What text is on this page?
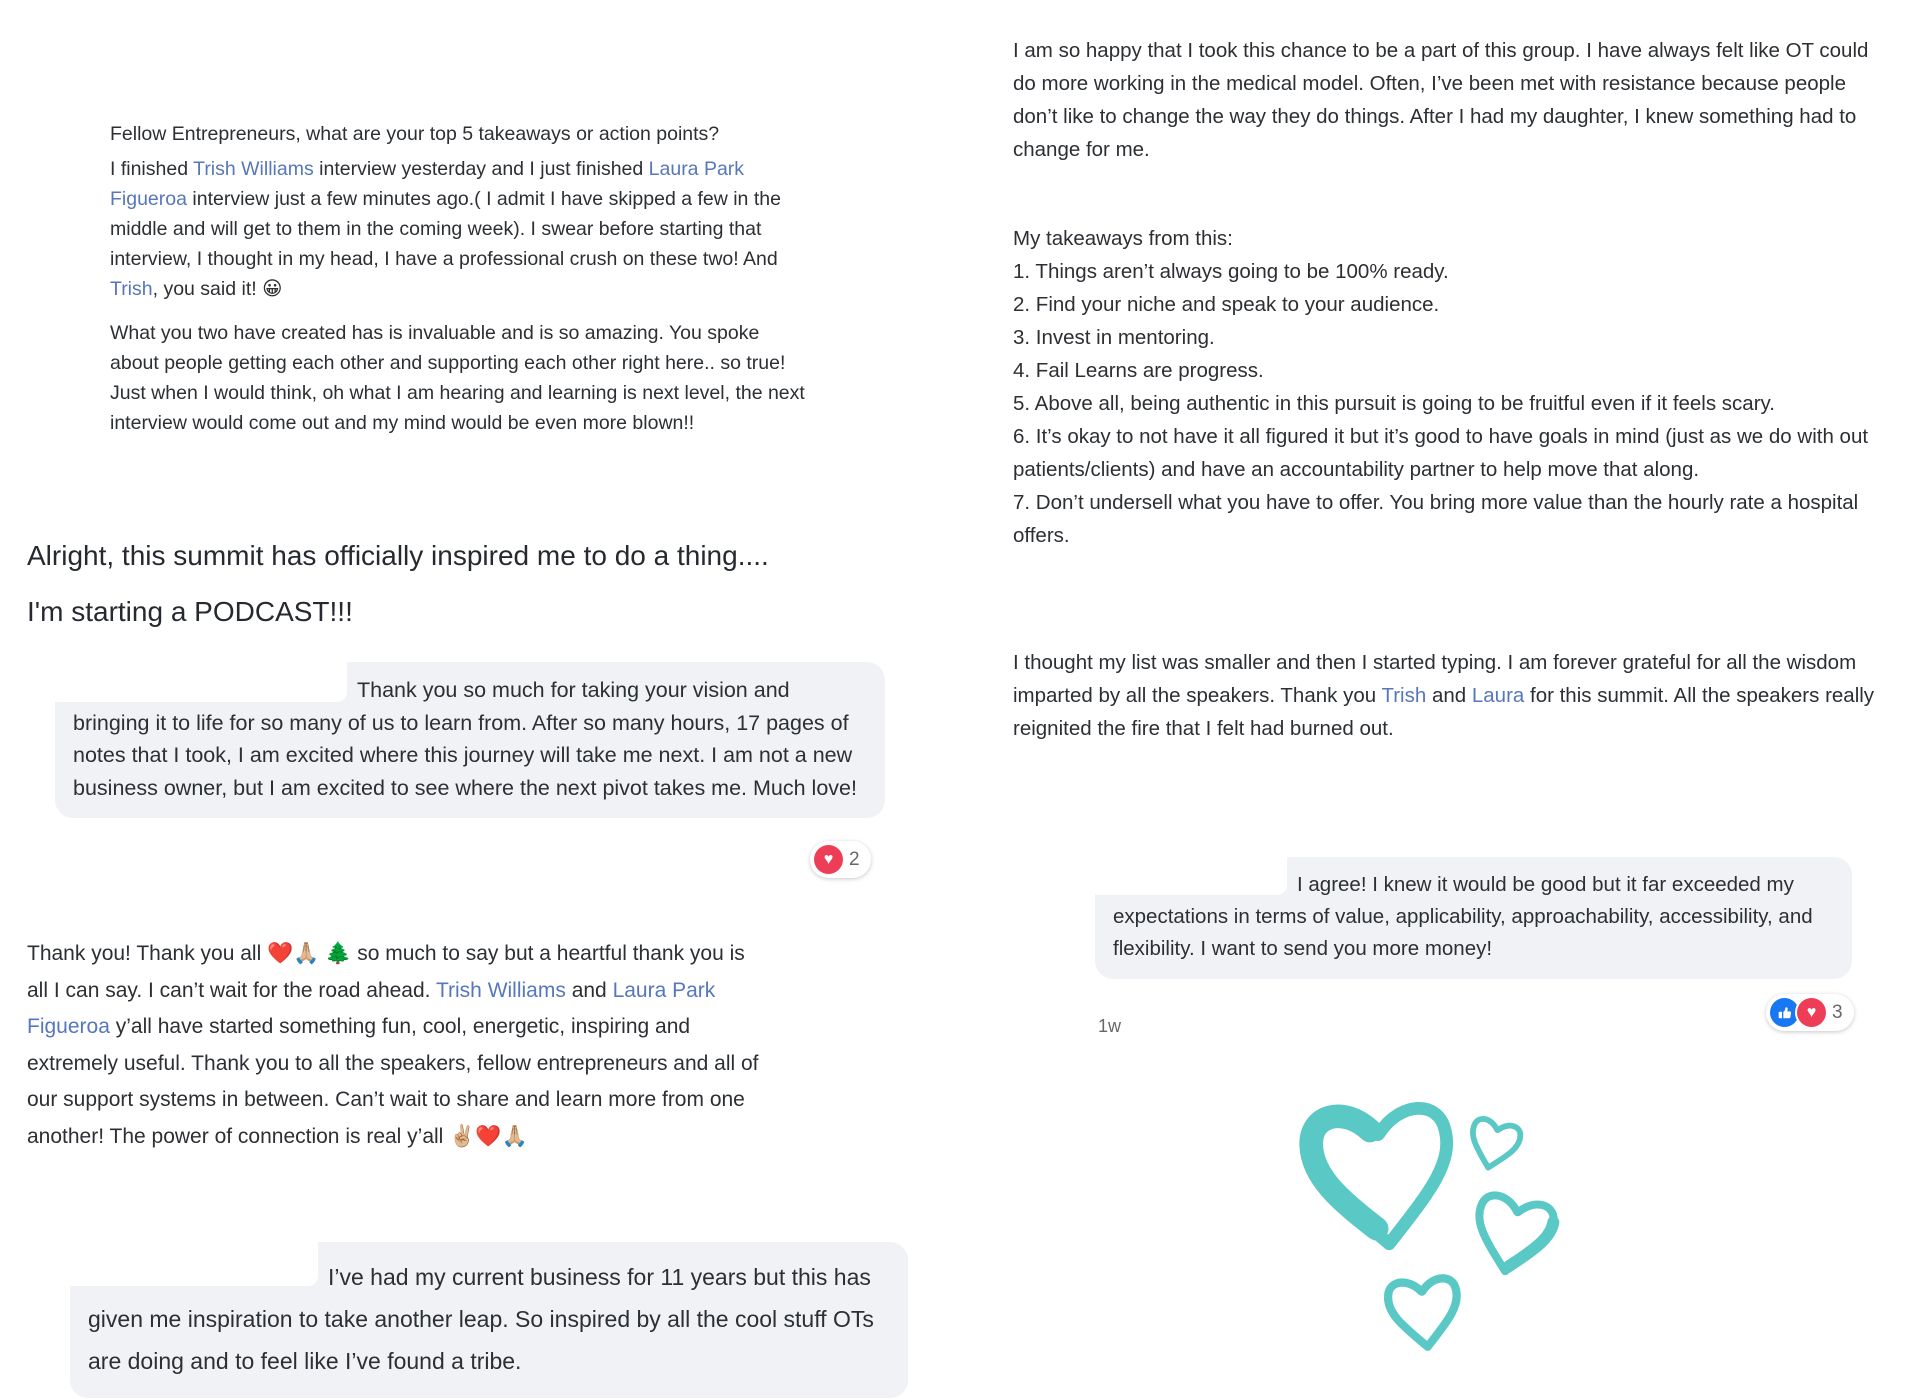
Fellow Entrepreneurs, what are your top 5 takeaways or action points?
I finished Trish Williams interview yesterday and I just finished Laura Park Figueroa interview just a few minutes ago.( I admit I have skipped a few in the middle and will get to them in the coming week). I swear before starting that interview, I thought in my head, I have a professional crush on these two! And Trish, you said it! 😀
What you two have created has is invaluable and is so amazing. You spoke about people getting each other and supporting each other right here.. so true! Just when I would think, oh what I am hearing and learning is next level, the next interview would come out and my mind would be even more blown!!
Alright, this summit has officially inspired me to do a thing....
I'm starting a PODCAST!!!
Thank you so much for taking your vision and bringing it to life for so many of us to learn from. After so many hours, 17 pages of notes that I took, I am excited where this journey will take me next. I am not a new business owner, but I am excited to see where the next pivot takes me. Much love!
♥ 2
Thank you! Thank you all ❤️🙏🏼 🌲 so much to say but a heartful thank you is all I can say. I can’t wait for the road ahead. Trish Williams and Laura Park Figueroa y’all have started something fun, cool, energetic, inspiring and extremely useful. Thank you to all the speakers, fellow entrepreneurs and all of our support systems in between. Can’t wait to share and learn more from one another! The power of connection is real y’all ✌🏼❤️🙏🏼
I’ve had my current business for 11 years but this has given me inspiration to take another leap. So inspired by all the cool stuff OTs are doing and to feel like I’ve found a tribe.
I am so happy that I took this chance to be a part of this group. I have always felt like OT could do more working in the medical model. Often, I’ve been met with resistance because people don’t like to change the way they do things. After I had my daughter, I knew something had to change for me.

My takeaways from this:

1. Things aren’t always going to be 100% ready.

2. Find your niche and speak to your audience.

3. Invest in mentoring.

4. Fail Learns are progress.

5. Above all, being authentic in this pursuit is going to be fruitful even if it feels scary.

6. It’s okay to not have it all figured it but it’s good to have goals in mind (just as we do with out patients/clients) and have an accountability partner to help move that along.

7. Don’t undersell what you have to offer. You bring more value than the hourly rate a hospital offers.

I thought my list was smaller and then I started typing. I am forever grateful for all the wisdom imparted by all the speakers. Thank you Trish and Laura for this summit. All the speakers really reignited the fire that I felt had burned out.
I agree! I knew it would be good but it far exceeded my expectations in terms of value, applicability, approachability, accessibility, and flexibility. I want to send you more money!
♥ 3
1w
